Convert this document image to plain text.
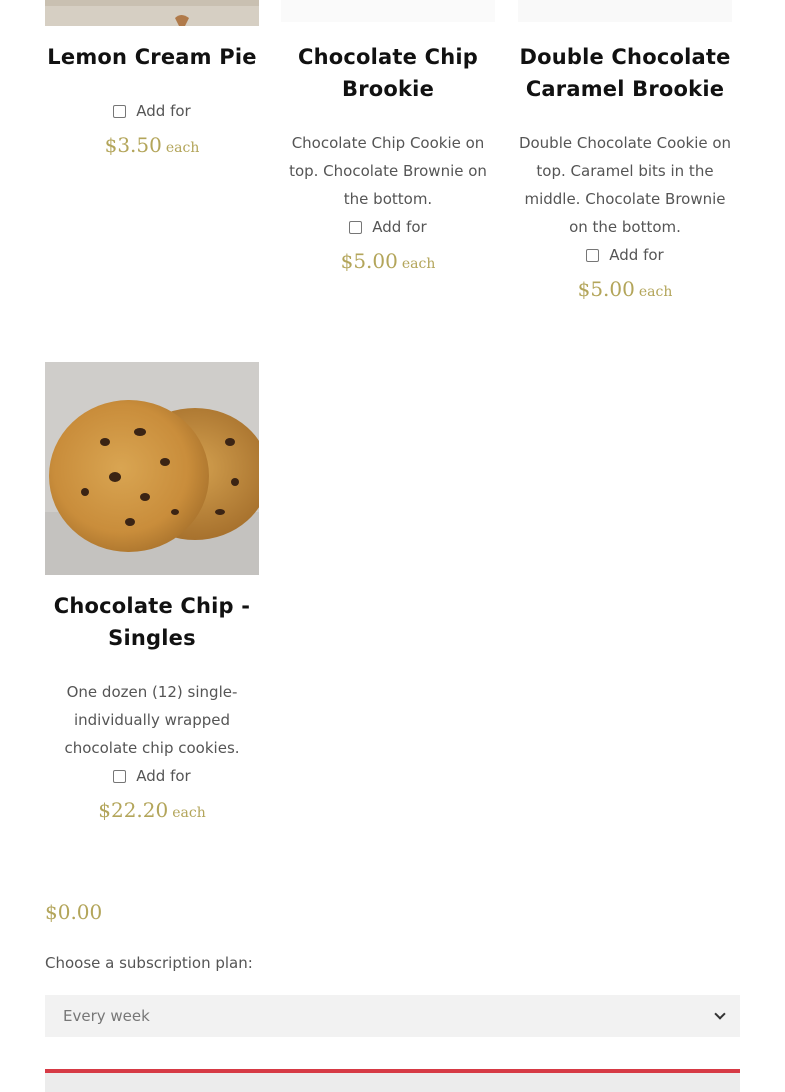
Lemon Cream Pie
Add for
$3.50 each
Chocolate Chip Brookie
Chocolate Chip Cookie on top. Chocolate Brownie on the bottom.
Add for
$5.00 each
Double Chocolate Caramel Brookie
Double Chocolate Cookie on top. Caramel bits in the middle. Chocolate Brownie on the bottom.
Add for
$5.00 each
Chocolate Chip - Singles
One dozen (12) single-individually wrapped chocolate chip cookies.
Add for
$22.20 each
$0.00
Choose a subscription plan:
Every week
